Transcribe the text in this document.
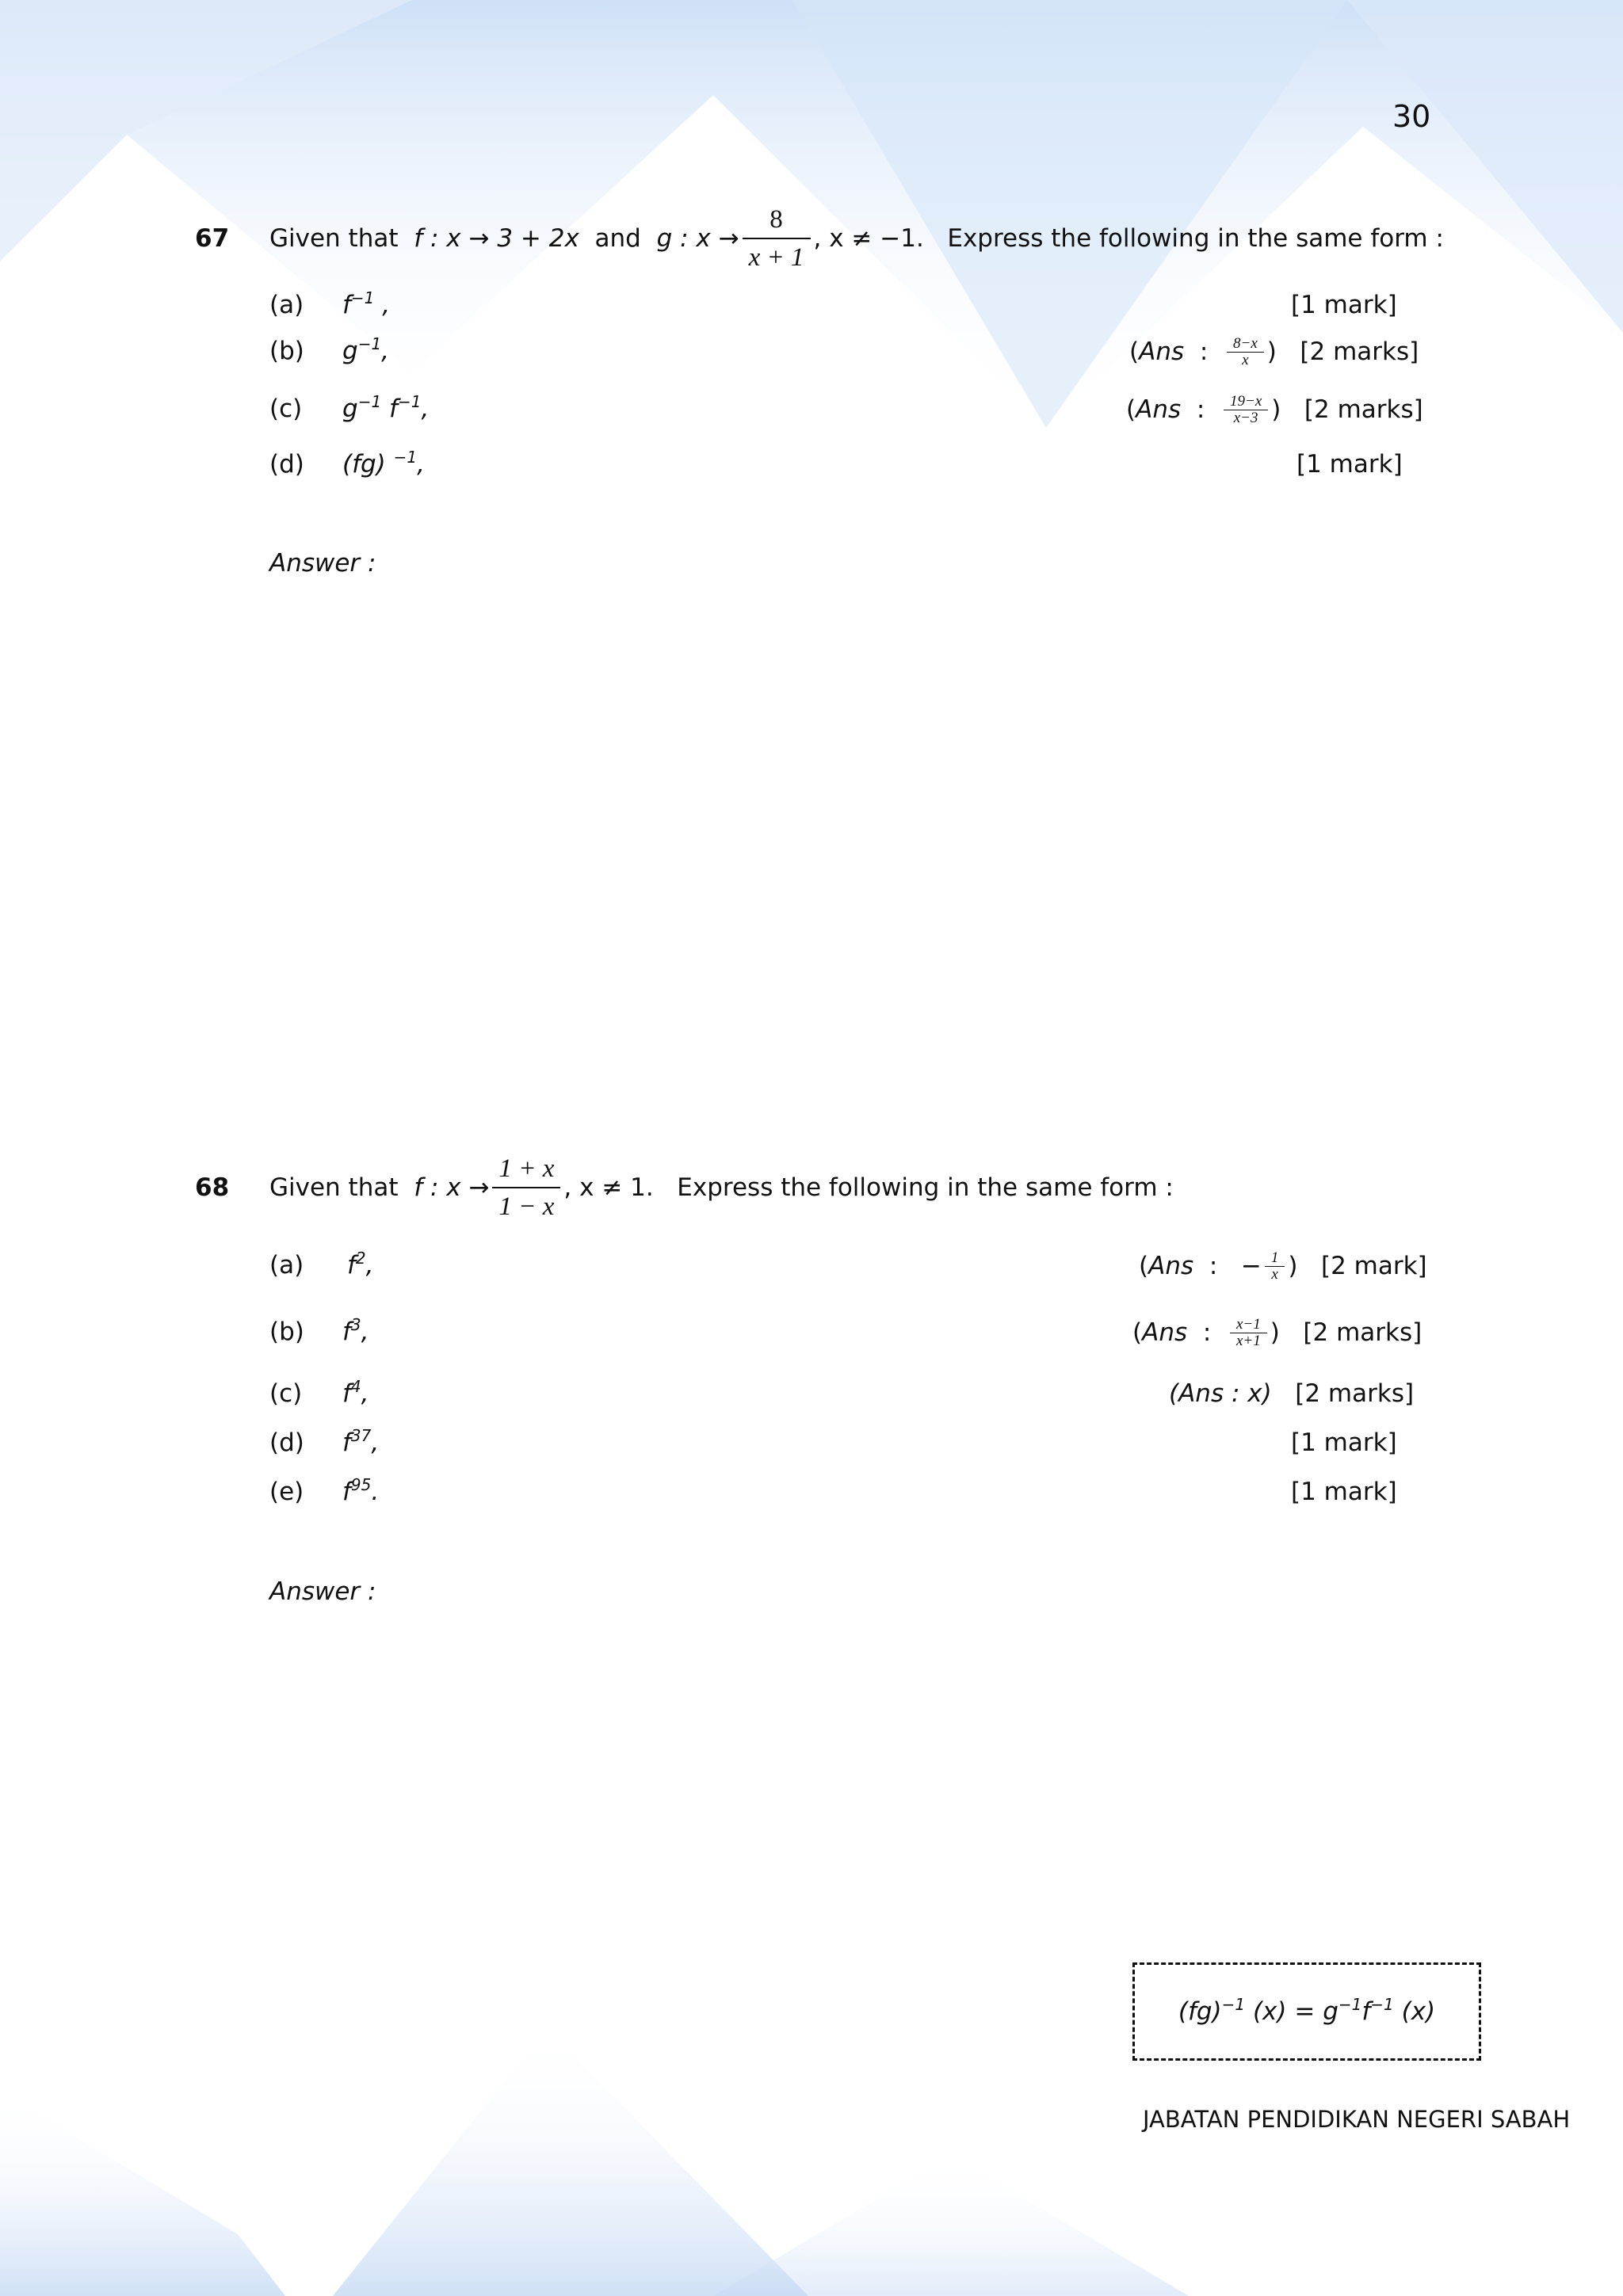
30
67 Given that
f : x → 3 + 2x
and
g : $x \to \frac{8}{x + 1}$ , x ≠ −1.
Express the following in the same form :
(a) $f^{-1}$ ,	[1 mark]
(b) $g^{-1}$,	( Ans : $\frac{8-x}{x}$ ) [2 marks]
(c) $g^{-1}$ $f^{-1}$,	( Ans : $\frac{19-x}{x-3}$ ) [2 marks]
(d) (fg) $^{-1}$,	[1 mark]
Answer :
68 Given that
f : $x \to \frac{1 + x}{1 - x}$ , x ≠ 1.
Express the following in the same form :
(a) $f^2$,	( Ans : − $\frac{1}{x}$ ) [2 mark]
(b) $f^3$,	( Ans : $\frac{x-1}{x+1}$ ) [2 marks]
(c) $f^4$,	(Ans : x) [2 marks]
(d) $f^{37}$,	[1 mark]
(e) $f^{95}$.	[1 mark]
Answer :
(fg)$^{-1}$ $(x) = g^{-1}f^{-1}$ (x)
JABATAN PENDIDIKAN NEGERI SABAH
